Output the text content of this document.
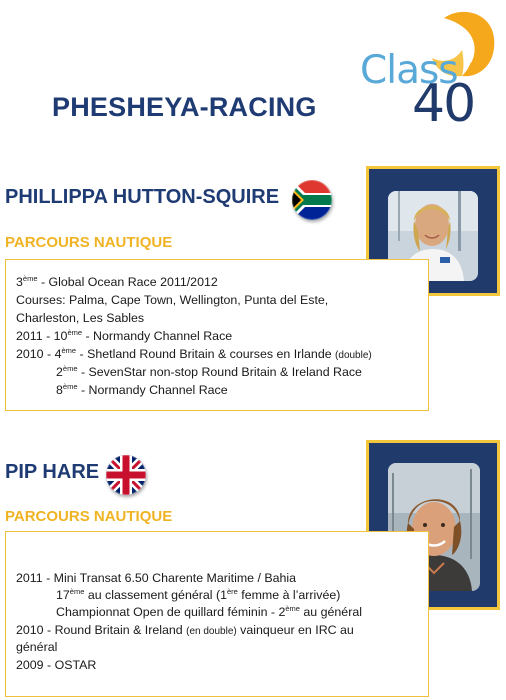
Class
40
PHESHEYA-RACING
PHILLIPPA HUTTON-SQUIRE
PARCOURS NAUTIQUE
3ème - Global Ocean Race 2011/2012
Courses: Palma, Cape Town, Wellington, Punta del Este,
Charleston, Les Sables
2011 - 10ème - Normandy Channel Race
2010 - 4ème - Shetland Round Britain & courses en Irlande (double)
2ème - SevenStar non-stop Round Britain & Ireland Race
8ème - Normandy Channel Race
PIP HARE
PARCOURS NAUTIQUE
2011 - Mini Transat 6.50 Charente Maritime / Bahia
17ème au classement général (1ère femme à l’arrivée)
Championnat Open de quillard féminin - 2ème au général
2010 - Round Britain & Ireland (en double) vainqueur en IRC au
général
2009 - OSTAR
